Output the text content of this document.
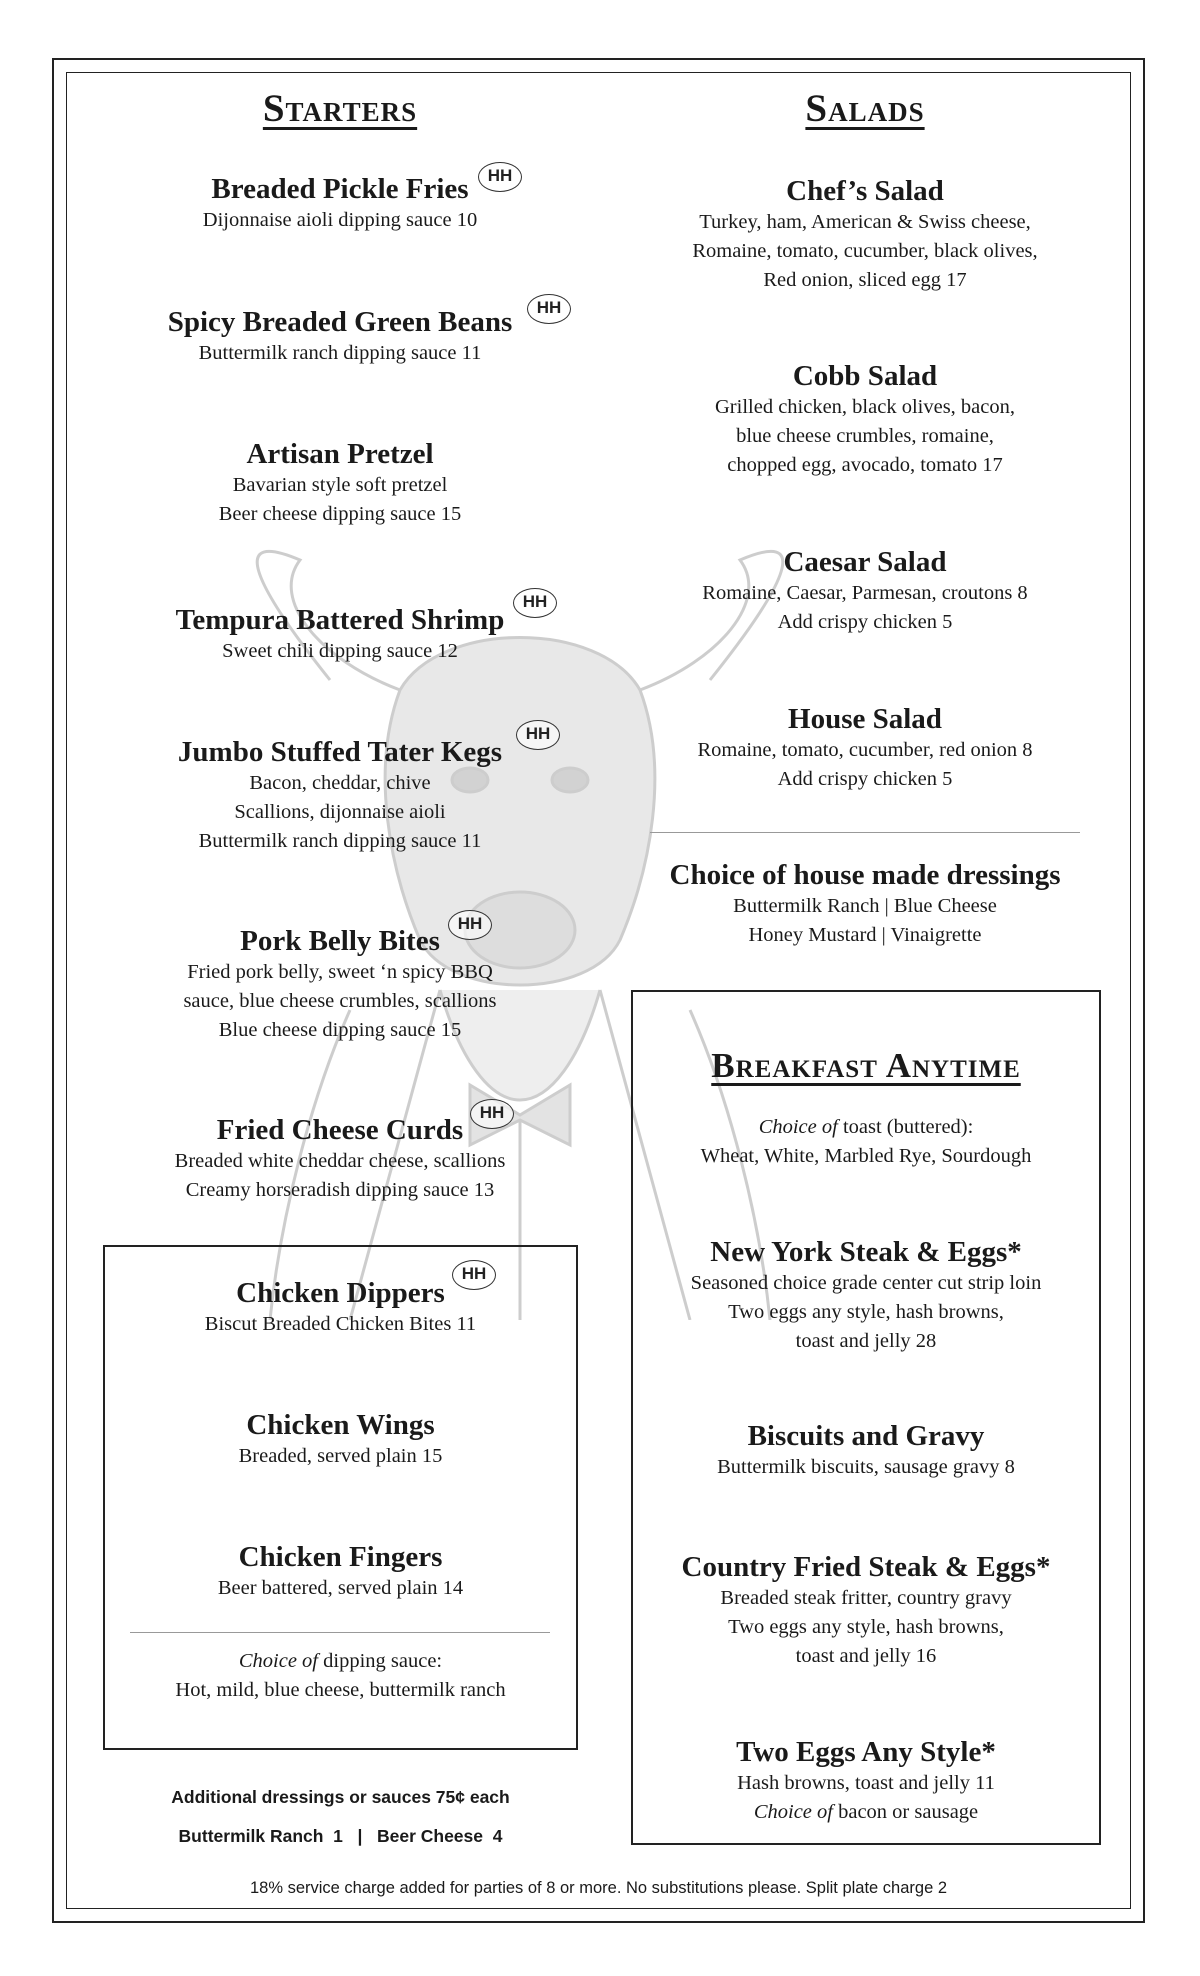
Starters
Breaded Pickle Fries
Dijonnaise aioli dipping sauce 10
HH
Spicy Breaded Green Beans
Buttermilk ranch dipping sauce 11
HH
Artisan Pretzel
Bavarian style soft pretzel
Beer cheese dipping sauce 15
Tempura Battered Shrimp
Sweet chili dipping sauce 12
HH
Jumbo Stuffed Tater Kegs
Bacon, cheddar, chive
Scallions, dijonnaise aioli
Buttermilk ranch dipping sauce 11
HH
Pork Belly Bites
Fried pork belly, sweet ‘n spicy BBQ
sauce, blue cheese crumbles, scallions
Blue cheese dipping sauce 15
HH
Fried Cheese Curds
Breaded white cheddar cheese, scallions
Creamy horseradish dipping sauce 13
HH
Chicken Dippers
Biscut Breaded Chicken Bites 11
HH
Chicken Wings
Breaded, served plain 15
Chicken Fingers
Beer battered, served plain 14
Choice of dipping sauce:
Hot, mild, blue cheese, buttermilk ranch
Additional dressings or sauces 75¢ each
Buttermilk Ranch  1   |   Beer Cheese  4
Salads
Chef’s Salad
Turkey, ham, American & Swiss cheese,
Romaine, tomato, cucumber, black olives,
Red onion, sliced egg 17
Cobb Salad
Grilled chicken, black olives, bacon,
blue cheese crumbles, romaine,
chopped egg, avocado, tomato 17
Caesar Salad
Romaine, Caesar, Parmesan, croutons 8
Add crispy chicken 5
House Salad
Romaine, tomato, cucumber, red onion 8
Add crispy chicken 5
Choice of house made dressings
Buttermilk Ranch | Blue Cheese
Honey Mustard | Vinaigrette
Breakfast Anytime
Choice of toast (buttered):
Wheat, White, Marbled Rye, Sourdough
New York Steak & Eggs*
Seasoned choice grade center cut strip loin
Two eggs any style, hash browns,
toast and jelly 28
Biscuits and Gravy
Buttermilk biscuits, sausage gravy 8
Country Fried Steak & Eggs*
Breaded steak fritter, country gravy
Two eggs any style, hash browns,
toast and jelly 16
Two Eggs Any Style*
Hash browns, toast and jelly 11
Choice of bacon or sausage
18% service charge added for parties of 8 or more. No substitutions please. Split plate charge 2
